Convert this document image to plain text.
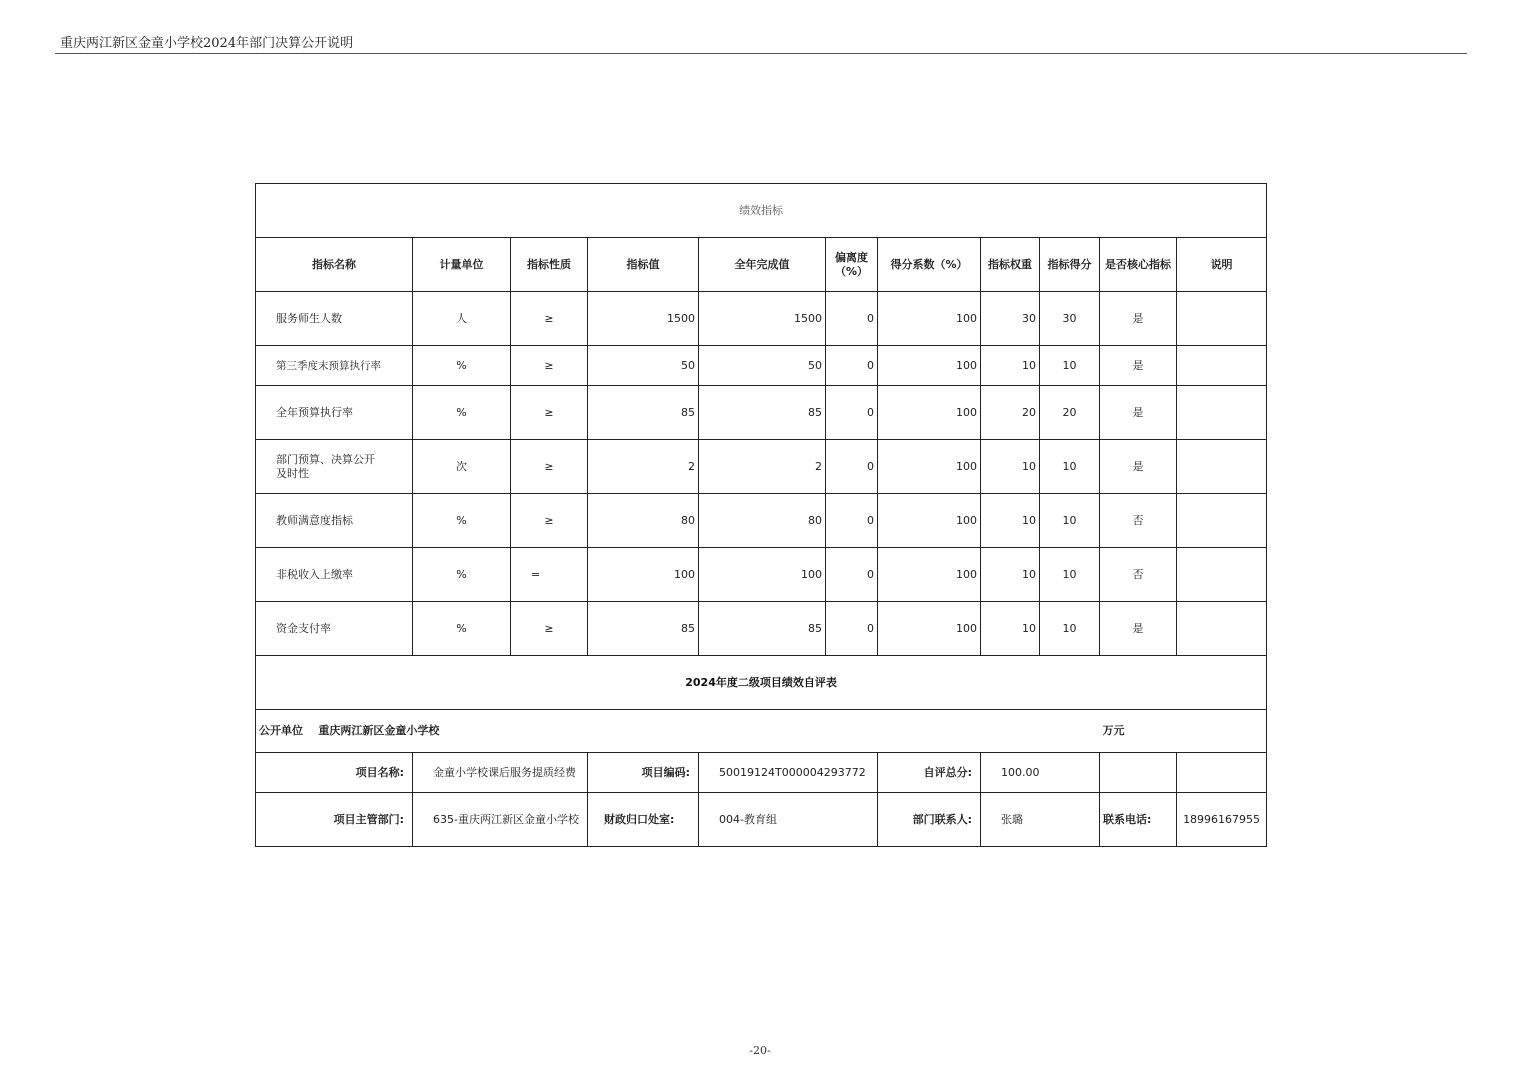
重庆两江新区金童小学校2024年部门决算公开说明
绩效指标										
指标名称	计量单位	指标性质	指标值	全年完成值	偏离度（%）	得分系数（%）	指标权重	指标得分	是否核心指标	说明
服务师生人数	人	≥	1500	1500	0	100	30	30	是	
第三季度末预算执行率	%	≥	50	50	0	100	10	10	是	
全年预算执行率	%	≥	85	85	0	100	20	20	是	
部门预算、决算公开及时性	次	≥	2	2	0	100	10	10	是	
教师满意度指标	%	≥	80	80	0	100	10	10	否	
非税收入上缴率	%	=	100	100	0	100	10	10	否	
资金支付率	%	≥	85	85	0	100	10	10	是	
2024年度二级项目绩效自评表										
公开单位 重庆两江新区金童小学校									万元	
项目名称:	金童小学校课后服务提质经费		项目编码:	50019124T000004293772		自评总分:	100.00			
项目主管部门:	635-重庆两江新区金童小学校		财政归口处室:	004-教育组		部门联系人:	张璐		联系电话:	18996167955
-20-
